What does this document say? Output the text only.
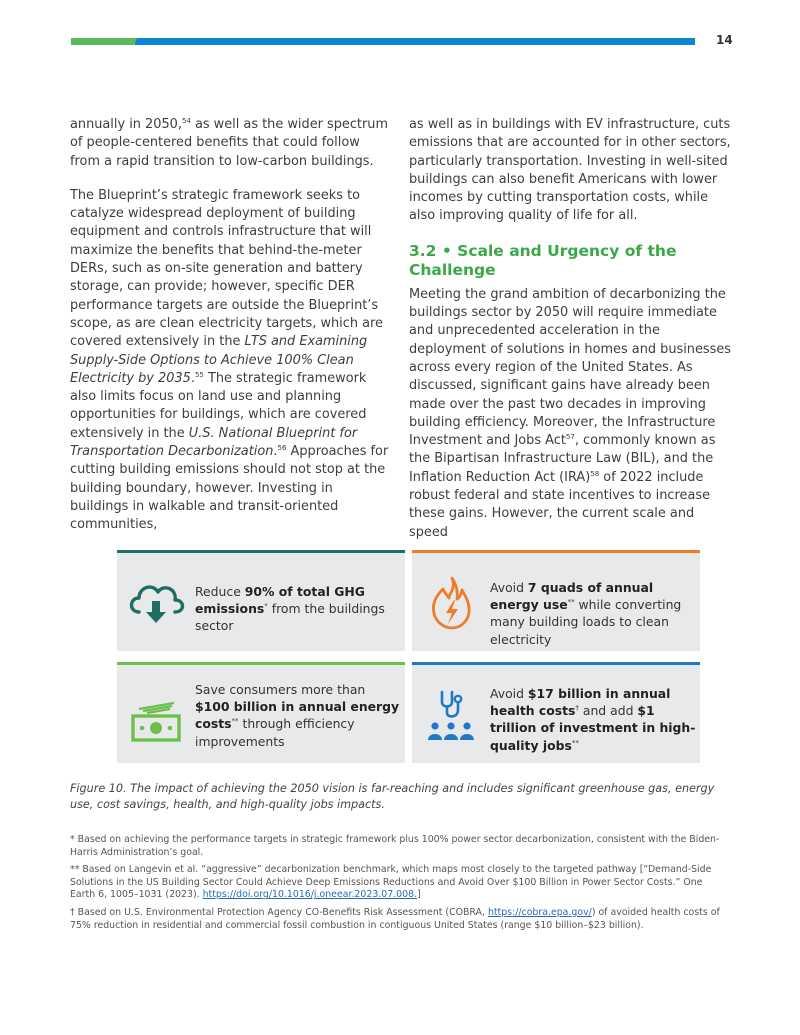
14

annually in 2050,54 as well as the wider spectrum of people-centered benefits that could follow from a rapid transition to low-carbon buildings.

The Blueprint’s strategic framework seeks to catalyze widespread deployment of building equipment and controls infrastructure that will maximize the benefits that behind-the-meter DERs, such as on-site generation and battery storage, can provide; however, specific DER performance targets are outside the Blueprint’s scope, as are clean electricity targets, which are covered extensively in the LTS and Examining Supply-Side Options to Achieve 100% Clean Electricity by 2035.55 The strategic framework also limits focus on land use and planning opportunities for buildings, which are covered extensively in the U.S. National Blueprint for Transportation Decarbonization.$^{56}$ Approaches for cutting building emissions should not stop at the building boundary, however. Investing in buildings in walkable and transit-oriented communities,

as well as in buildings with EV infrastructure, cuts emissions that are accounted for in other sectors, particularly transportation. Investing in well-sited buildings can also benefit Americans with lower incomes by cutting transportation costs, while also improving quality of life for all.

3.2 • Scale and Urgency of the Challenge

Meeting the grand ambition of decarbonizing the buildings sector by 2050 will require immediate and unprecedented acceleration in the deployment of solutions in homes and businesses across every region of the United States. As discussed, significant gains have already been made over the past two decades in improving building efficiency. Moreover, the Infrastructure Investment and Jobs Act$^{57}$, commonly known as the Bipartisan Infrastructure Law (BIL), and the Inflation Reduction Act (IRA)$^{58}$ of 2022 include robust federal and state incentives to increase these gains. However, the current scale and speed

Reduce 90% of total GHG emissions* from the buildings sector
Avoid 7 quads of annual energy use** while converting many building loads to clean electricity
Save consumers more than $100 billion in annual energy costs** through efficiency improvements
Avoid $17 billion in annual health costs† and add $1 trillion of investment in high-quality jobs**
Figure 10. The impact of achieving the 2050 vision is far-reaching and includes significant greenhouse gas, energy use, cost savings, health, and high-quality jobs impacts.

* Based on achieving the performance targets in strategic framework plus 100% power sector decarbonization, consistent with the Biden-Harris Administration’s goal.

** Based on Langevin et al. “aggressive” decarbonization benchmark, which maps most closely to the targeted pathway [“Demand-Side Solutions in the US Building Sector Could Achieve Deep Emissions Reductions and Avoid Over $100 Billion in Power Sector Costs.” One Earth 6, 1005–1031 (2023). https://doi.org/10.1016/j.oneear.2023.07.008.]

† Based on U.S. Environmental Protection Agency CO-Benefits Risk Assessment (COBRA, https://cobra.epa.gov/) of avoided health costs of 75% reduction in residential and commercial fossil combustion in contiguous United States (range $10 billion–$23 billion).
